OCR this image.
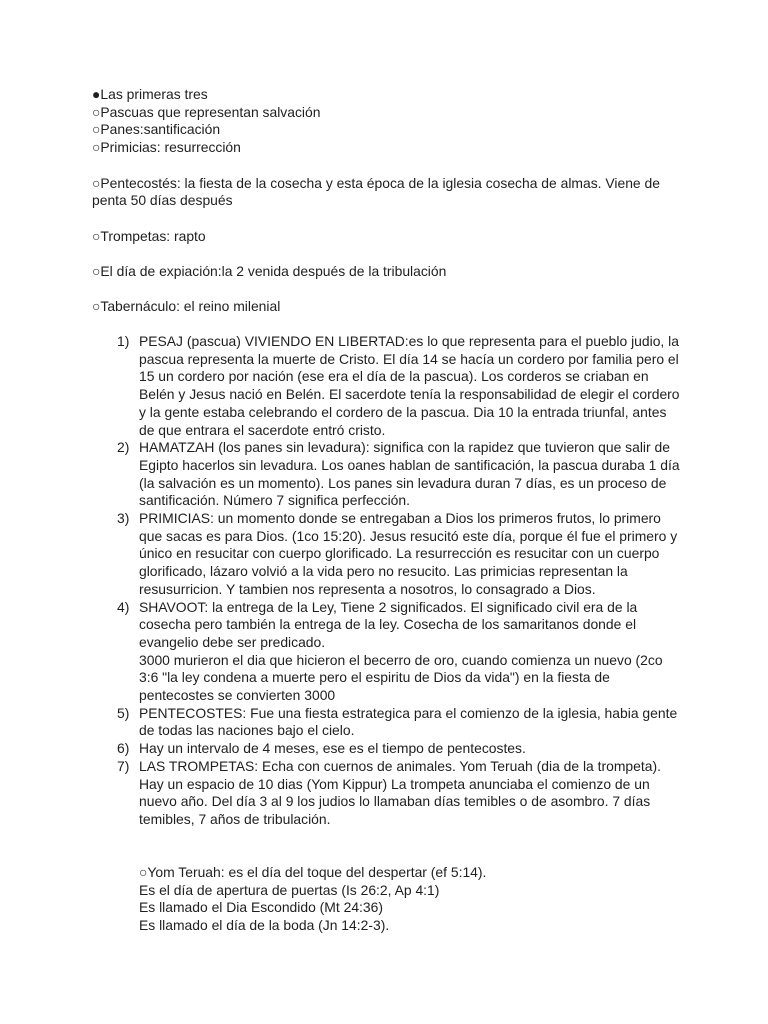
●Las primeras tres
○Pascuas que representan salvación
○Panes:santificación
○Primicias: resurrección
○Pentecostés: la fiesta de la cosecha y esta época de la iglesia cosecha de almas. Viene de penta 50 días después
○Trompetas: rapto
○El día de expiación:la 2 venida después de la tribulación
○Tabernáculo: el reino milenial
1) PESAJ (pascua) VIVIENDO EN LIBERTAD:es lo que representa para el pueblo judio, la pascua representa la muerte de Cristo. El día 14 se hacía un cordero por familia pero el 15 un cordero por nación (ese era el día de la pascua). Los corderos se criaban en Belén y Jesus nació en Belén. El sacerdote tenía la responsabilidad de elegir el cordero y la gente estaba celebrando el cordero de la pascua. Dia 10 la entrada triunfal, antes de que entrara el sacerdote entró cristo.
2) HAMATZAH (los panes sin levadura): significa con la rapidez que tuvieron que salir de Egipto hacerlos sin levadura. Los oanes hablan de santificación, la pascua duraba 1 día (la salvación es un momento). Los panes sin levadura duran 7 días, es un proceso de santificación. Número 7 significa perfección.
3) PRIMICIAS: un momento donde se entregaban a Dios los primeros frutos, lo primero que sacas es para Dios. (1co 15:20). Jesus resucitó este día, porque él fue el primero y único en resucitar con cuerpo glorificado. La resurrección es resucitar con un cuerpo glorificado, lázaro volvió a la vida pero no resucito. Las primicias representan la resusurricion. Y tambien nos representa a nosotros, lo consagrado a Dios.
4) SHAVOOT: la entrega de la Ley, Tiene 2 significados. El significado civil era de la cosecha pero también la entrega de la ley. Cosecha de los samaritanos donde el evangelio debe ser predicado.
3000 murieron el dia que hicieron el becerro de oro, cuando comienza un nuevo (2co 3:6 "la ley condena a muerte pero el espiritu de Dios da vida") en la fiesta de pentecostes se convierten 3000
5) PENTECOSTES: Fue una fiesta estrategica para el comienzo de la iglesia, habia gente de todas las naciones bajo el cielo.
6) Hay un intervalo de 4 meses, ese es el tiempo de pentecostes.
7) LAS TROMPETAS: Echa con cuernos de animales. Yom Teruah (dia de la trompeta). Hay un espacio de 10 dias (Yom Kippur) La trompeta anunciaba el comienzo de un nuevo año. Del día 3 al 9 los judios lo llamaban días temibles o de asombro. 7 días temibles, 7 años de tribulación.
○Yom Teruah: es el día del toque del despertar (ef 5:14).
Es el día de apertura de puertas (Is 26:2, Ap 4:1)
Es llamado el Dia Escondido (Mt 24:36)
Es llamado el día de la boda (Jn 14:2-3).
